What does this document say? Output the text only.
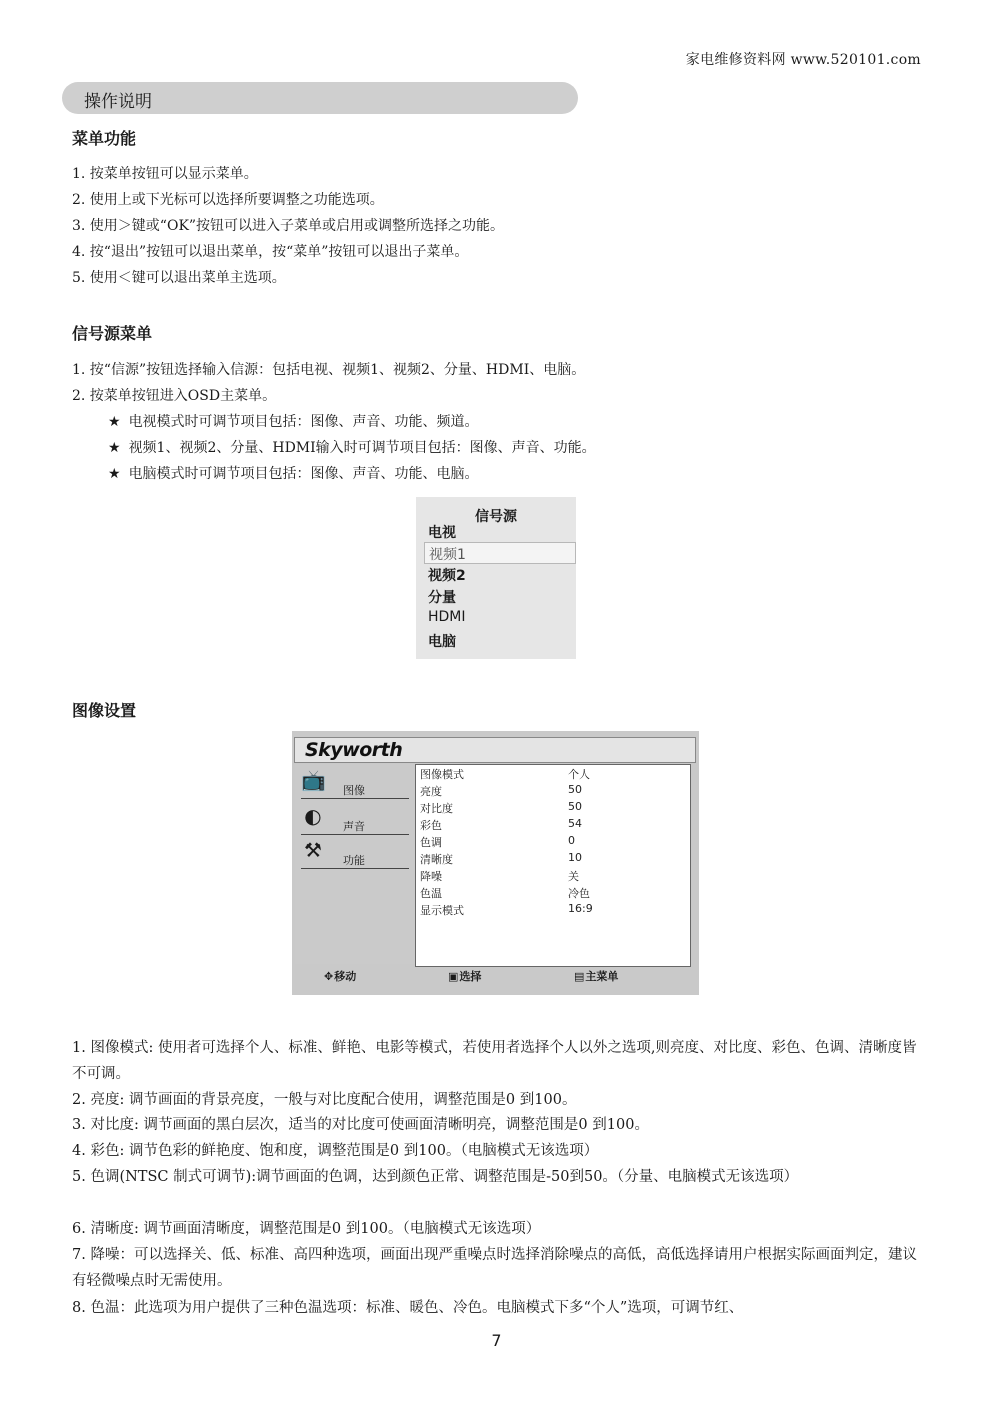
家电维修资料网 www.520101.com
操作说明
菜单功能
1. 按菜单按钮可以显示菜单。
2. 使用上或下光标可以选择所要调整之功能选项。
3. 使用＞键或“OK”按钮可以进入子菜单或启用或调整所选择之功能。
4. 按“退出”按钮可以退出菜单，按“菜单”按钮可以退出子菜单。
5. 使用＜键可以退出菜单主选项。
信号源菜单
1. 按“信源”按钮选择输入信源：包括电视、视频1、视频2、分量、HDMI、电脑。
2. 按菜单按钮进入OSD主菜单。
★ 电视模式时可调节项目包括：图像、声音、功能、频道。
★ 视频1、视频2、分量、HDMI输入时可调节项目包括：图像、声音、功能。
★ 电脑模式时可调节项目包括：图像、声音、功能、电脑。
信号源
电视
视频1
视频2
分量
HDMI
电脑
图像设置
Skyworth
📺 图像
◐ 声音
⚒ 功能
图像模式	个人
亮度	50
对比度	50
彩色	54
色调	0
清晰度	10
降噪	关
色温	冷色
显示模式	16:9
✥移动	▣选择	▤主菜单
1. 图像模式: 使用者可选择个人、标准、鲜艳、电影等模式，若使用者选择个人以外之选项,则亮度、对比度、彩色、色调、清晰度皆不可调。
2. 亮度: 调节画面的背景亮度，一般与对比度配合使用，调整范围是0 到100。
3. 对比度: 调节画面的黑白层次，适当的对比度可使画面清晰明亮，调整范围是0 到100。
4. 彩色: 调节色彩的鲜艳度、饱和度，调整范围是0 到100。（电脑模式无该选项）
5. 色调(NTSC 制式可调节):调节画面的色调，达到颜色正常、调整范围是-50到50。（分量、电脑模式无该选项）
6. 清晰度: 调节画面清晰度，调整范围是0 到100。（电脑模式无该选项）
7. 降噪：可以选择关、低、标准、高四种选项，画面出现严重噪点时选择消除噪点的高低，高低选择请用户根据实际画面判定，建议有轻微噪点时无需使用。
8. 色温：此选项为用户提供了三种色温选项：标准、暖色、冷色。电脑模式下多“个人”选项，可调节红、
7
